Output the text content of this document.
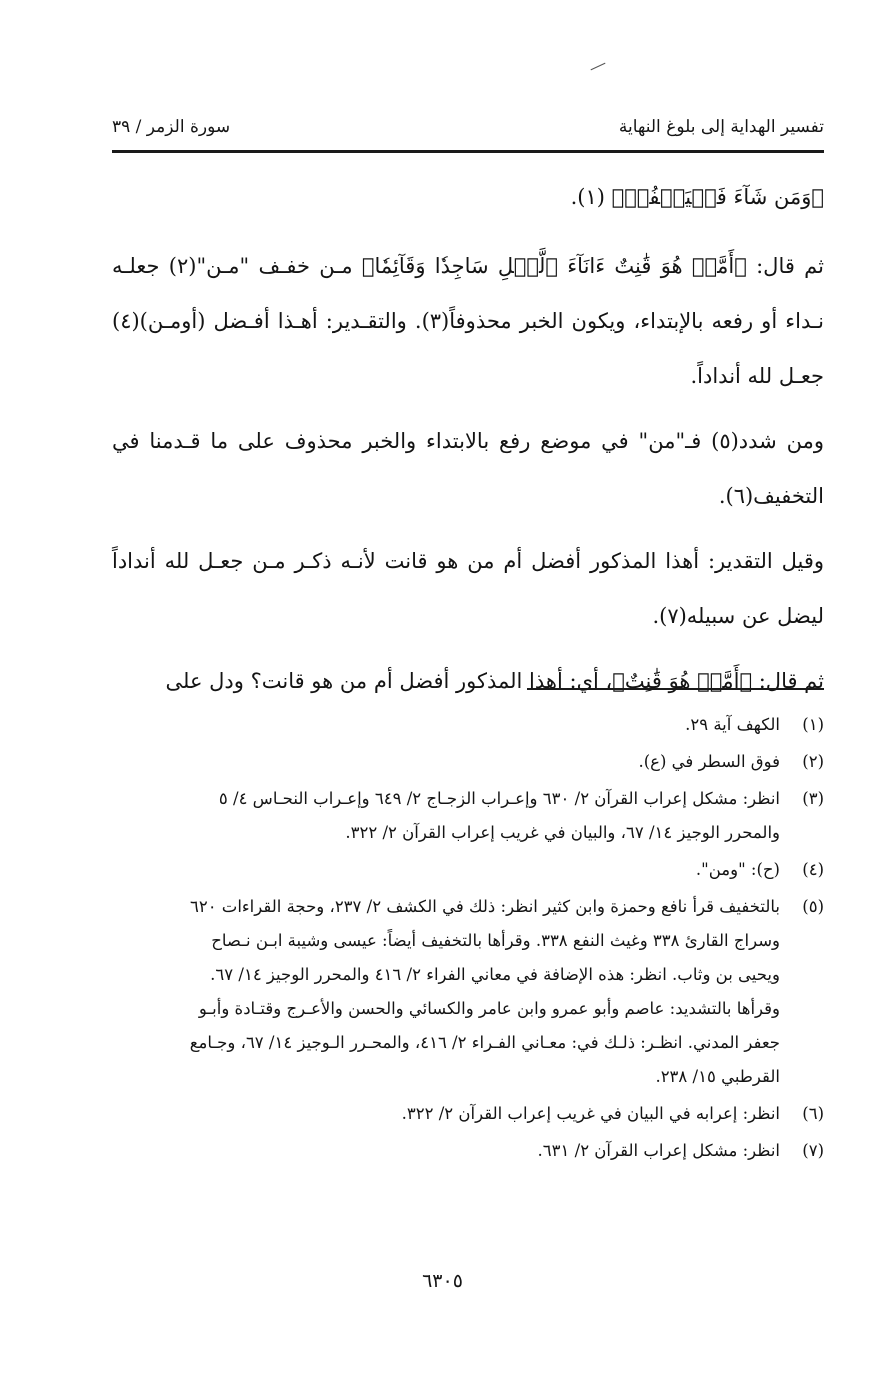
تفسير الهداية إلى بلوغ النهاية
سورة الزمر / ٣٩

﴿وَمَن شَآءَ فَلۡيَكۡفُرۡ﴾ (١).

ثم قال: ﴿أَمَّنۡ هُوَ قَٰنِتٌ ءَانَآءَ ٱلَّيۡلِ سَاجِدٗا وَقَآئِمٗا﴾ مـن خفـف "مـن"(٢) جعلـه نـداء أو رفعه بالإبتداء، ويكون الخبر محذوفاً(٣). والتقـدير: أهـذا أفـضل (أومـن)(٤) جعـل لله أنداداً.

ومن شدد(٥) فـ"من" في موضع رفع بالابتداء والخبر محذوف على ما قـدمنا في التخفيف(٦).

وقيل التقدير: أهذا المذكور أفضل أم من هو قانت لأنـه ذكـر مـن جعـل لله أنداداً ليضل عن سبيله(٧).

ثم قال: ﴿أَمَّنۡ هُوَ قَٰنِتٌ﴾، أي: أهذا المذكور أفضل أم من هو قانت؟ ودل على

(١)
الكهف آية ٢٩.
(٢)
فوق السطر في (ع).
(٣)
انظر: مشكل إعراب القرآن ٢/ ٦٣٠ وإعـراب الزجـاج ٢/ ٦٤٩ وإعـراب النحـاس ٤/ ٥
والمحرر الوجيز ١٤/ ٦٧، والبيان في غريب إعراب القرآن ٢/ ٣٢٢.
(٤)
(ح): "ومن".
(٥)
بالتخفيف قرأ نافع وحمزة وابن كثير انظر: ذلك في الكشف ٢/ ٢٣٧، وحجة القراءات ٦٢٠
وسراج القارئ ٣٣٨ وغيث النفع ٣٣٨. وقرأها بالتخفيف أيضاً: عيسى وشيبة ابـن نـصاح
ويحيى بن وثاب. انظر: هذه الإضافة في معاني الفراء ٢/ ٤١٦ والمحرر الوجيز ١٤/ ٦٧.
وقرأها بالتشديد: عاصم وأبو عمرو وابن عامر والكسائي والحسن والأعـرج وقتـادة وأبـو
جعفر المدني. انظـر: ذلـك في: معـاني الفـراء ٢/ ٤١٦، والمحـرر الـوجيز ١٤/ ٦٧، وجـامع
القرطبي ١٥/ ٢٣٨.
(٦)
انظر: إعرابه في البيان في غريب إعراب القرآن ٢/ ٣٢٢.
(٧)
انظر: مشكل إعراب القرآن ٢/ ٦٣١.
٦٣٠٥
